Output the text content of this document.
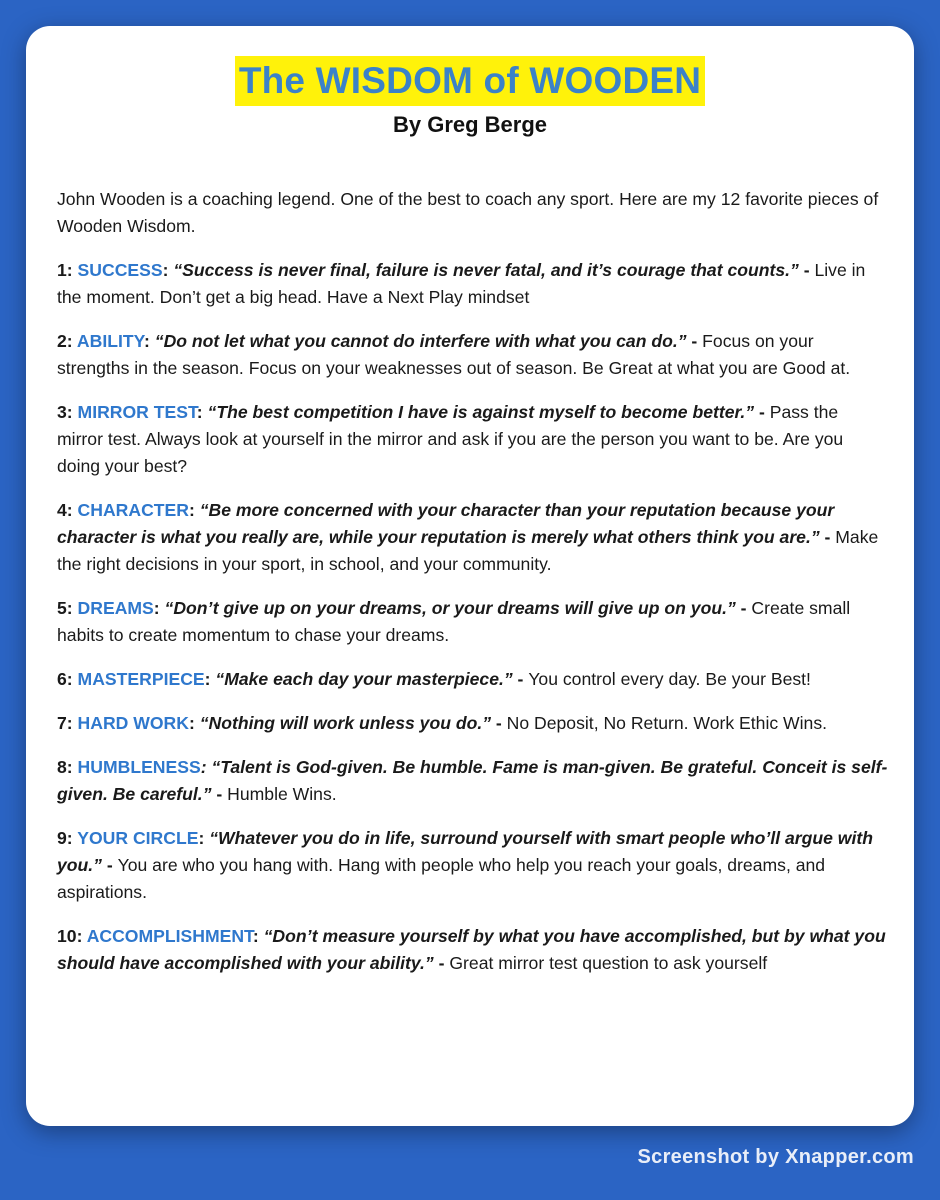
The WISDOM of WOODEN
By Greg Berge

John Wooden is a coaching legend. One of the best to coach any sport. Here are my 12 favorite pieces of Wooden Wisdom.

1: SUCCESS: “Success is never final, failure is never fatal, and it’s courage that counts.” - Live in the moment. Don’t get a big head. Have a Next Play mindset

2: ABILITY: “Do not let what you cannot do interfere with what you can do.” - Focus on your strengths in the season. Focus on your weaknesses out of season. Be Great at what you are Good at.

3: MIRROR TEST: “The best competition I have is against myself to become better.” - Pass the mirror test. Always look at yourself in the mirror and ask if you are the person you want to be. Are you doing your best?

4: CHARACTER: “Be more concerned with your character than your reputation because your character is what you really are, while your reputation is merely what others think you are.” - Make the right decisions in your sport, in school, and your community.

5: DREAMS: “Don’t give up on your dreams, or your dreams will give up on you.” - Create small habits to create momentum to chase your dreams.

6: MASTERPIECE: “Make each day your masterpiece.” - You control every day. Be your Best!

7: HARD WORK: “Nothing will work unless you do.” - No Deposit, No Return. Work Ethic Wins.

8: HUMBLENESS: “Talent is God-given. Be humble. Fame is man-given. Be grateful. Conceit is self-given. Be careful.” - Humble Wins.

9: YOUR CIRCLE: “Whatever you do in life, surround yourself with smart people who’ll argue with you.” - You are who you hang with. Hang with people who help you reach your goals, dreams, and aspirations.

10: ACCOMPLISHMENT: “Don’t measure yourself by what you have accomplished, but by what you should have accomplished with your ability.” - Great mirror test question to ask yourself

Screenshot by Xnapper.com
